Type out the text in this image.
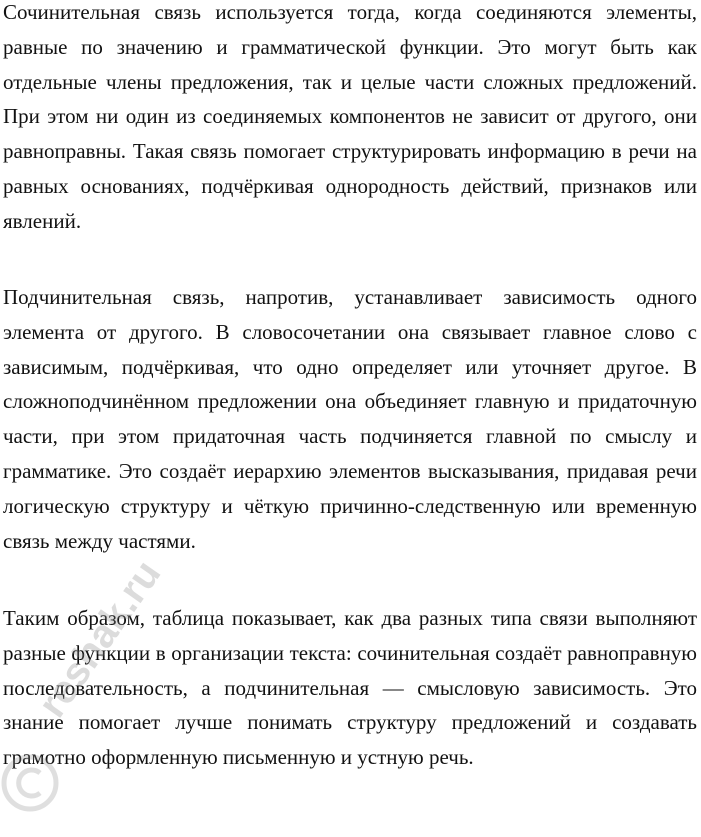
Сочинительная связь используется тогда, когда соединяются элементы, равные по значению и грамматической функции. Это могут быть как отдельные члены предложения, так и целые части сложных предложений. При этом ни один из соединяемых компонентов не зависит от другого, они равноправны. Такая связь помогает структурировать информацию в речи на равных основаниях, подчёркивая однородность действий, признаков или явлений.

Подчинительная связь, напротив, устанавливает зависимость одного элемента от другого. В словосочетании она связывает главное слово с зависимым, подчёркивая, что одно определяет или уточняет другое. В сложноподчинённом предложении она объединяет главную и придаточную части, при этом придаточная часть подчиняется главной по смыслу и грамматике. Это создаёт иерархию элементов высказывания, придавая речи логическую структуру и чёткую причинно-следственную или временную связь между частями.

Таким образом, таблица показывает, как два разных типа связи выполняют разные функции в организации текста: сочинительная создаёт равноправную последовательность, а подчинительная — смысловую зависимость. Это знание помогает лучше понимать структуру предложений и создавать грамотно оформленную письменную и устную речь.

reshak.ru
